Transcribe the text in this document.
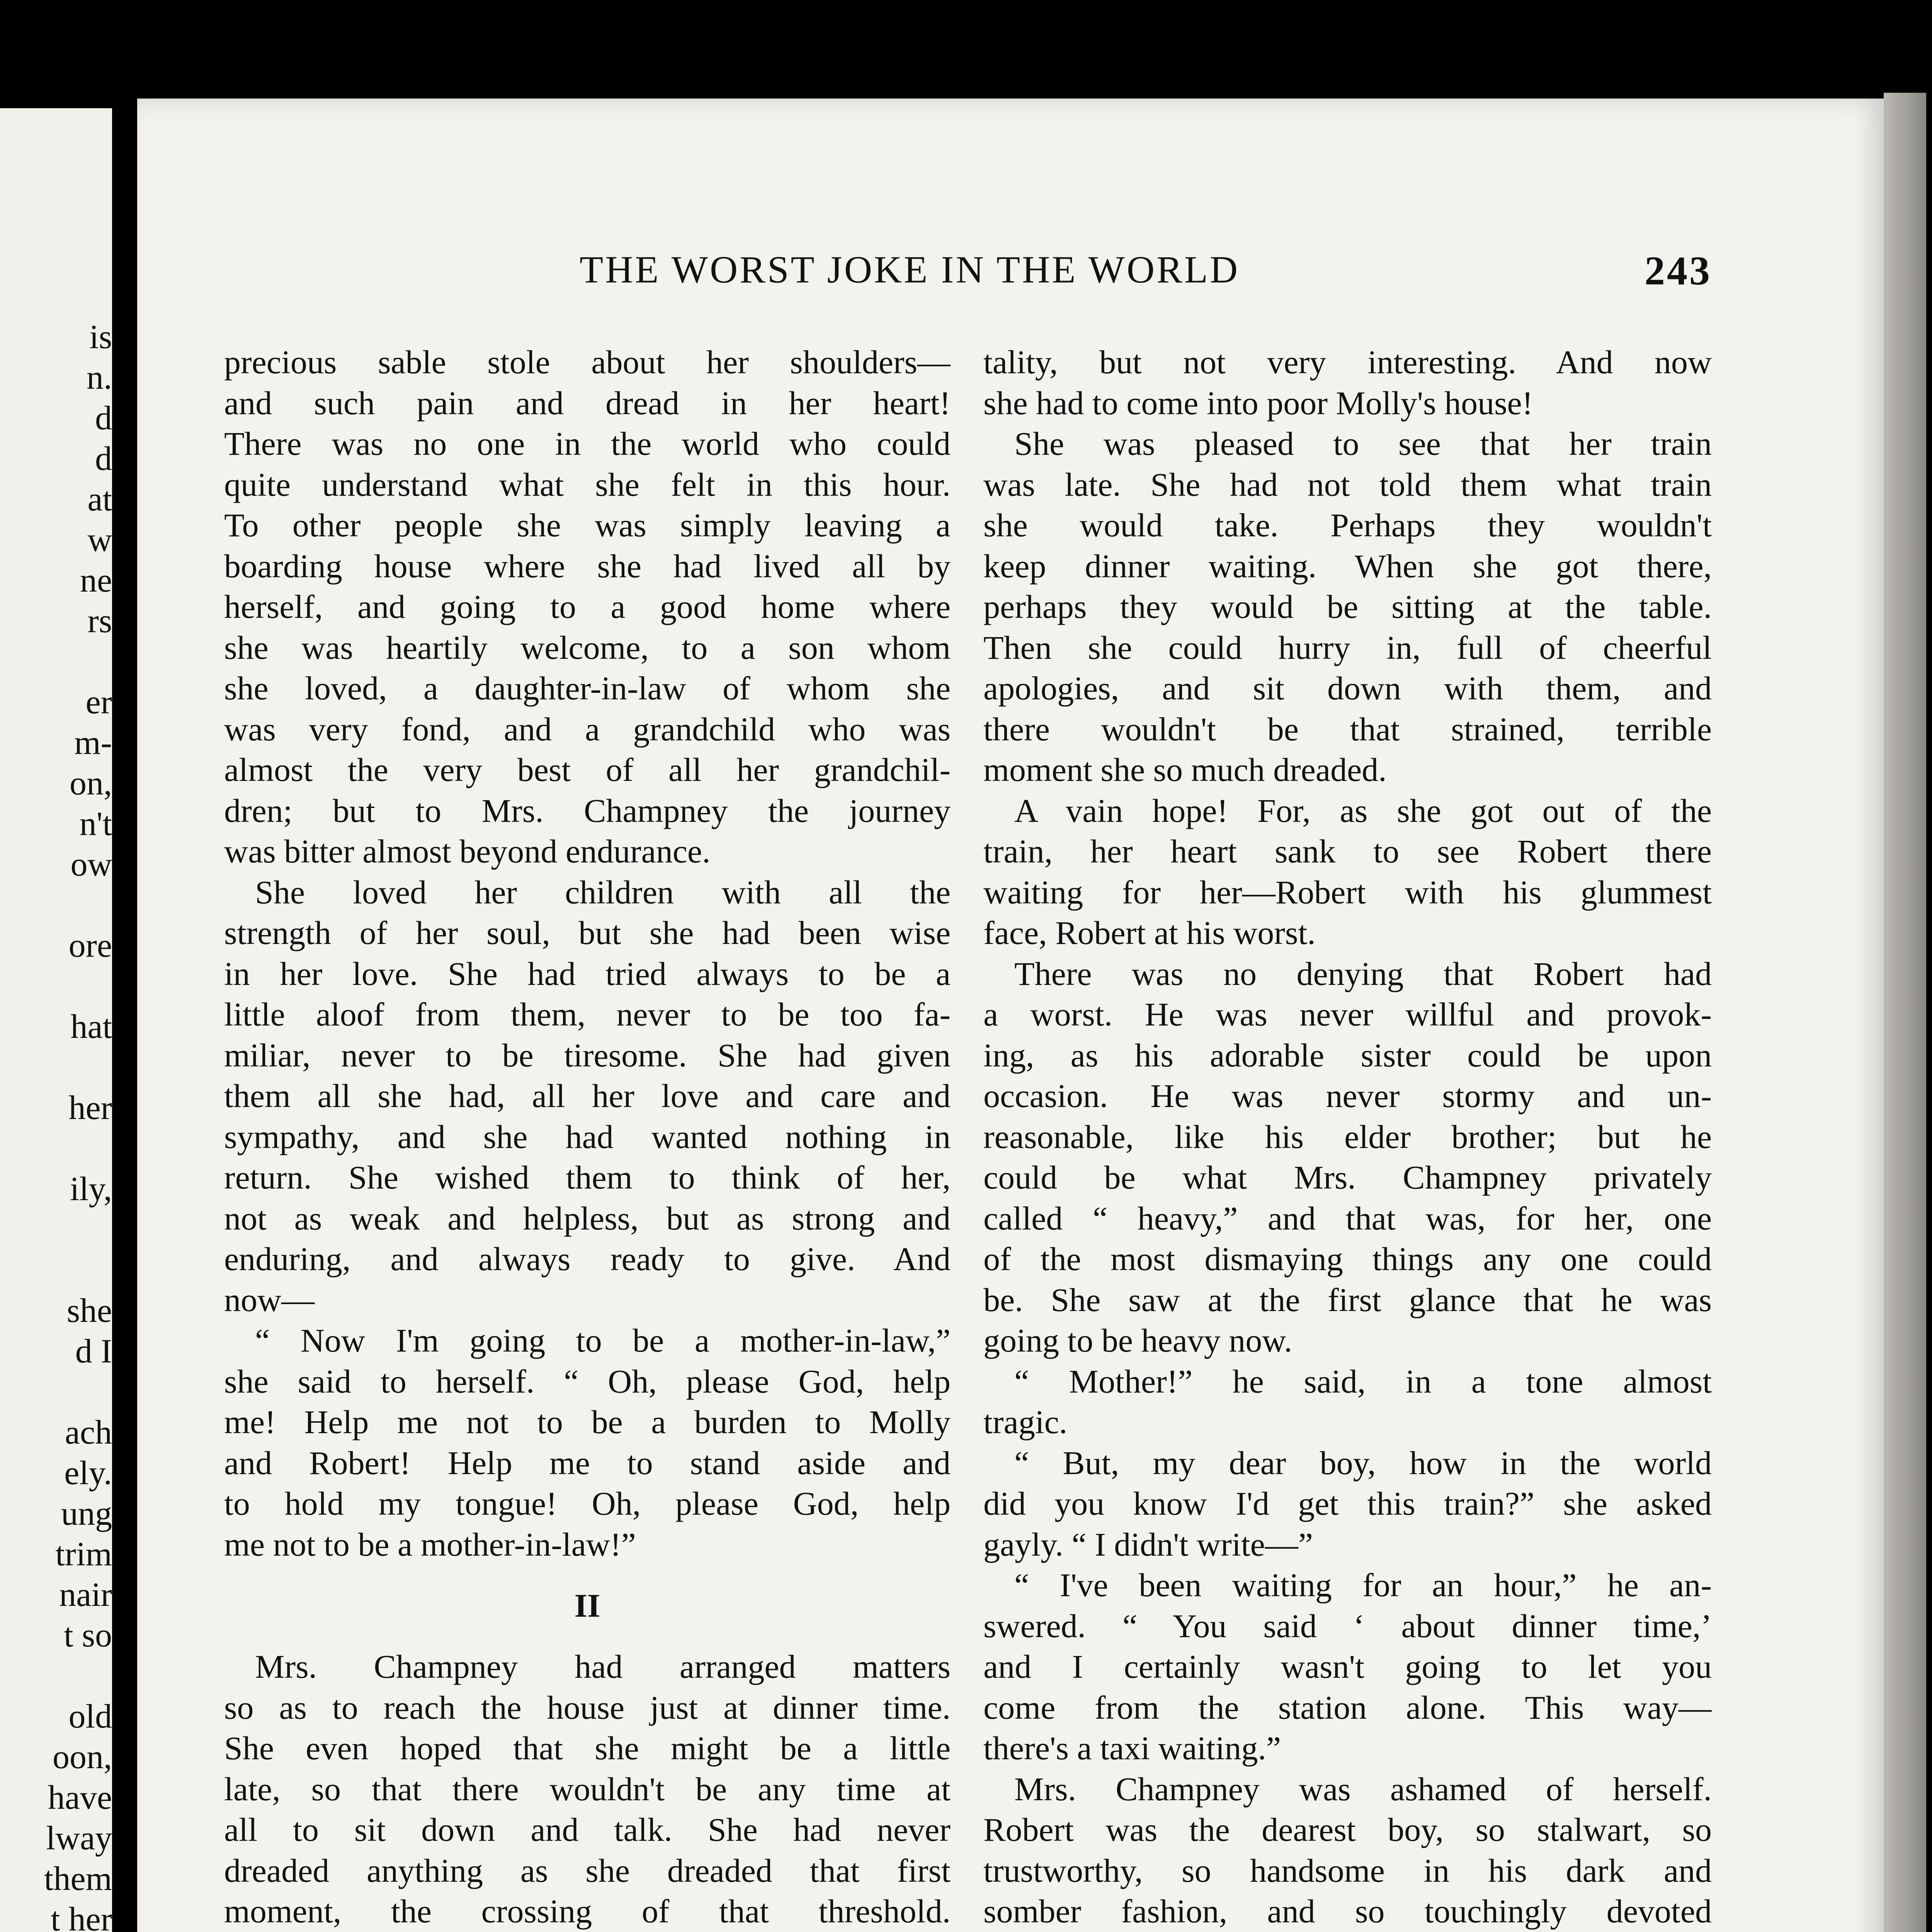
is
n.
d
d
at
w
ne
rs
er
m-
on,
n't
ow
ore
hat
her
ily,
she
d I
ach
ely.
ung
trim
nair
t so
old
oon,
have
lway
them
t her
THE WORST JOKE IN THE WORLD	243
precious sable stole about her shoulders—
and such pain and dread in her heart!
There was no one in the world who could
quite understand what she felt in this hour.
To other people she was simply leaving a
boarding house where she had lived all by
herself, and going to a good home where
she was heartily welcome, to a son whom
she loved, a daughter-in-law of whom she
was very fond, and a grandchild who was
almost the very best of all her grandchil-
dren; but to Mrs. Champney the journey
was bitter almost beyond endurance.
She loved her children with all the
strength of her soul, but she had been wise
in her love. She had tried always to be a
little aloof from them, never to be too fa-
miliar, never to be tiresome. She had given
them all she had, all her love and care and
sympathy, and she had wanted nothing in
return. She wished them to think of her,
not as weak and helpless, but as strong and
enduring, and always ready to give. And
now—
“ Now I'm going to be a mother-in-law,”
she said to herself. “ Oh, please God, help
me! Help me not to be a burden to Molly
and Robert! Help me to stand aside and
to hold my tongue! Oh, please God, help
me not to be a mother-in-law!”
II
Mrs. Champney had arranged matters
so as to reach the house just at dinner time.
She even hoped that she might be a little
late, so that there wouldn't be any time at
all to sit down and talk. She had never
dreaded anything as she dreaded that first
moment, the crossing of that threshold.
tality, but not very interesting. And now
she had to come into poor Molly's house!
She was pleased to see that her train
was late. She had not told them what train
she would take. Perhaps they wouldn't
keep dinner waiting. When she got there,
perhaps they would be sitting at the table.
Then she could hurry in, full of cheerful
apologies, and sit down with them, and
there wouldn't be that strained, terrible
moment she so much dreaded.
A vain hope! For, as she got out of the
train, her heart sank to see Robert there
waiting for her—Robert with his glummest
face, Robert at his worst.
There was no denying that Robert had
a worst. He was never willful and provok-
ing, as his adorable sister could be upon
occasion. He was never stormy and un-
reasonable, like his elder brother; but he
could be what Mrs. Champney privately
called “ heavy,” and that was, for her, one
of the most dismaying things any one could
be. She saw at the first glance that he was
going to be heavy now.
“ Mother!” he said, in a tone almost
tragic.
“ But, my dear boy, how in the world
did you know I'd get this train?” she asked
gayly. “ I didn't write—”
“ I've been waiting for an hour,” he an-
swered. “ You said ‘ about dinner time,’
and I certainly wasn't going to let you
come from the station alone. This way—
there's a taxi waiting.”
Mrs. Champney was ashamed of herself.
Robert was the dearest boy, so stalwart, so
trustworthy, so handsome in his dark and
somber fashion, and so touchingly devoted
